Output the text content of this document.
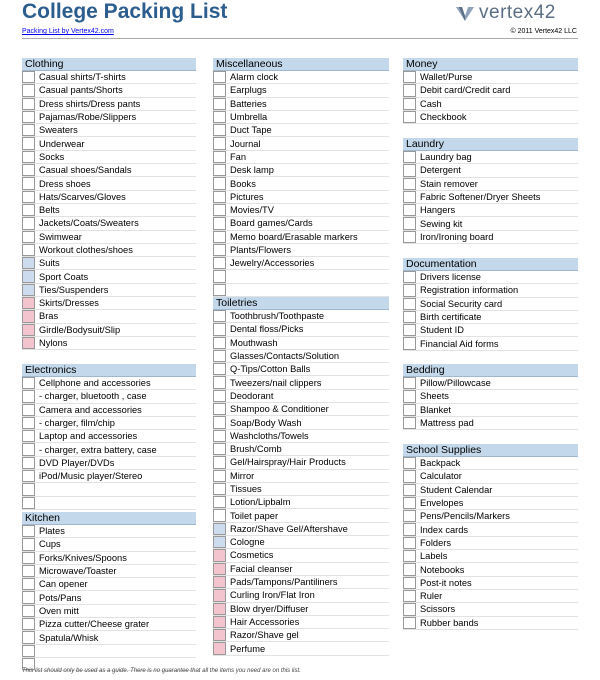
College Packing List	vertex42
Packing List by Vertex42.com	© 2011 Vertex42 LLC
Clothing
Casual shirts/T-shirts
Casual pants/Shorts
Dress shirts/Dress pants
Pajamas/Robe/Slippers
Sweaters
Underwear
Socks
Casual shoes/Sandals
Dress shoes
Hats/Scarves/Gloves
Belts
Jackets/Coats/Sweaters
Swimwear
Workout clothes/shoes
Suits
Sport Coats
Ties/Suspenders
Skirts/Dresses
Bras
Girdle/Bodysuit/Slip
Nylons
Electronics
Cellphone and accessories
- charger, bluetooth , case
Camera and accessories
- charger, film/chip
Laptop and accessories
- charger, extra battery, case
DVD Player/DVDs
iPod/Music player/Stereo
Kitchen
Plates
Cups
Forks/Knives/Spoons
Microwave/Toaster
Can opener
Pots/Pans
Oven mitt
Pizza cutter/Cheese grater
Spatula/Whisk
Miscellaneous
Alarm clock
Earplugs
Batteries
Umbrella
Duct Tape
Journal
Fan
Desk lamp
Books
Pictures
Movies/TV
Board games/Cards
Memo board/Erasable markers
Plants/Flowers
Jewelry/Accessories
Toiletries
Toothbrush/Toothpaste
Dental floss/Picks
Mouthwash
Glasses/Contacts/Solution
Q-Tips/Cotton Balls
Tweezers/nail clippers
Deodorant
Shampoo & Conditioner
Soap/Body Wash
Washcloths/Towels
Brush/Comb
Gel/Hairspray/Hair Products
Mirror
Tissues
Lotion/Lipbalm
Toilet paper
Razor/Shave Gel/Aftershave
Cologne
Cosmetics
Facial cleanser
Pads/Tampons/Pantiliners
Curling Iron/Flat Iron
Blow dryer/Diffuser
Hair Accessories
Razor/Shave gel
Perfume
Money
Wallet/Purse
Debit card/Credit card
Cash
Checkbook
Laundry
Laundry bag
Detergent
Stain remover
Fabric Softener/Dryer Sheets
Hangers
Sewing kit
Iron/Ironing board
Documentation
Drivers license
Registration information
Social Security card
Birth certificate
Student ID
Financial Aid forms
Bedding
Pillow/Pillowcase
Sheets
Blanket
Mattress pad
School Supplies
Backpack
Calculator
Student Calendar
Envelopes
Pens/Pencils/Markers
Index cards
Folders
Labels
Notebooks
Post-it notes
Ruler
Scissors
Rubber bands
This list should only be used as a guide. There is no guarantee that all the items you need are on this list.
